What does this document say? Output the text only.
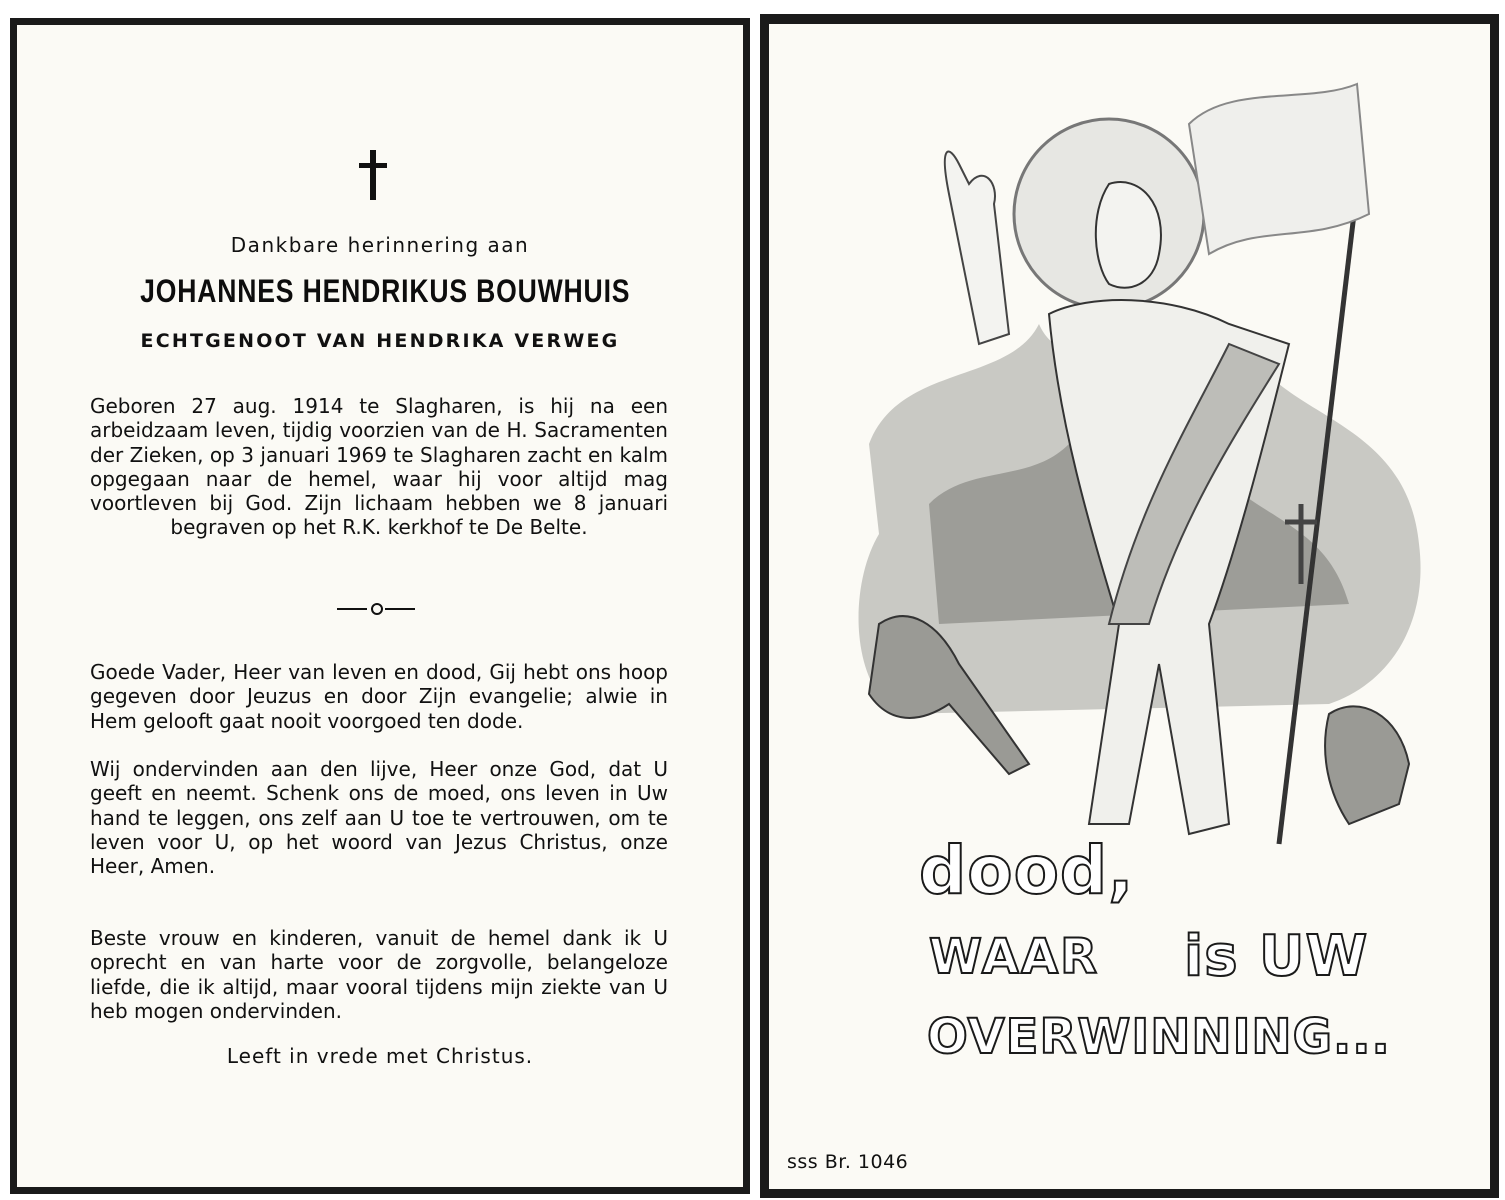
Dankbare herinnering aan
JOHANNES HENDRIKUS BOUWHUIS
ECHTGENOOT VAN HENDRIKA VERWEG
Geboren 27 aug. 1914 te Slagharen, is hij na een arbeidzaam leven, tijdig voorzien van de H. Sacramenten der Zieken, op 3 januari 1969 te Slagharen zacht en kalm opgegaan naar de hemel, waar hij voor altijd mag voortleven bij God. Zijn lichaam hebben we 8 januari begraven op het R.K. kerkhof te De Belte.
Goede Vader, Heer van leven en dood, Gij hebt ons hoop gegeven door Jeuzus en door Zijn evangelie; alwie in Hem gelooft gaat nooit voorgoed ten dode.
Wij ondervinden aan den lijve, Heer onze God, dat U geeft en neemt. Schenk ons de moed, ons leven in Uw hand te leggen, ons zelf aan U toe te vertrouwen, om te leven voor U, op het woord van Jezus Christus, onze Heer, Amen.
Beste vrouw en kinderen, vanuit de hemel dank ik U oprecht en van harte voor de zorgvolle, belangeloze liefde, die ik altijd, maar vooral tijdens mijn ziekte van U heb mogen ondervinden.
Leeft in vrede met Christus.
dood,
WAAR is UW
OVERWINNING...
sss Br. 1046
